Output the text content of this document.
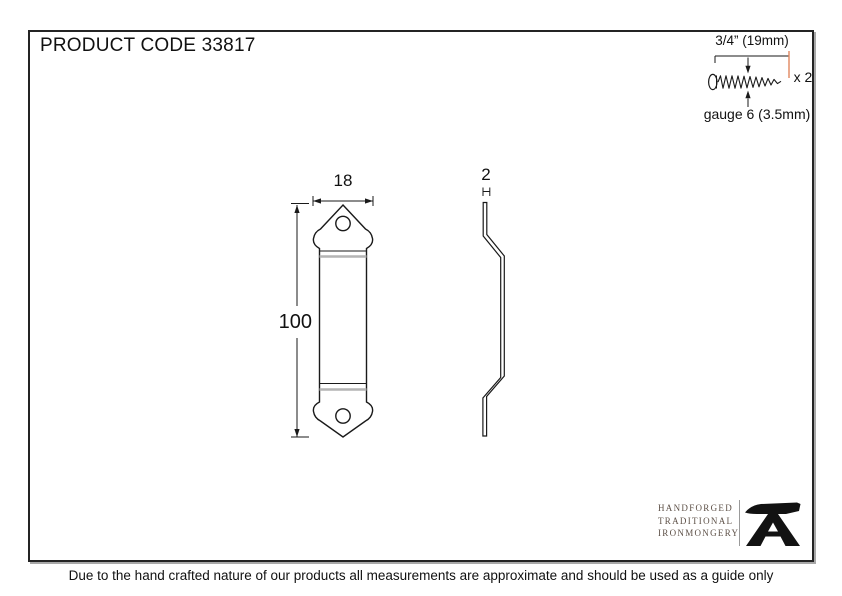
PRODUCT CODE 33817	3/4” (19mm)
x 2
gauge 6 (3.5mm)
18
100
2
HANDFORGED
TRADITIONAL
IRONMONGERY
Due to the hand crafted nature of our products all measurements are approximate and should be used as a guide only
